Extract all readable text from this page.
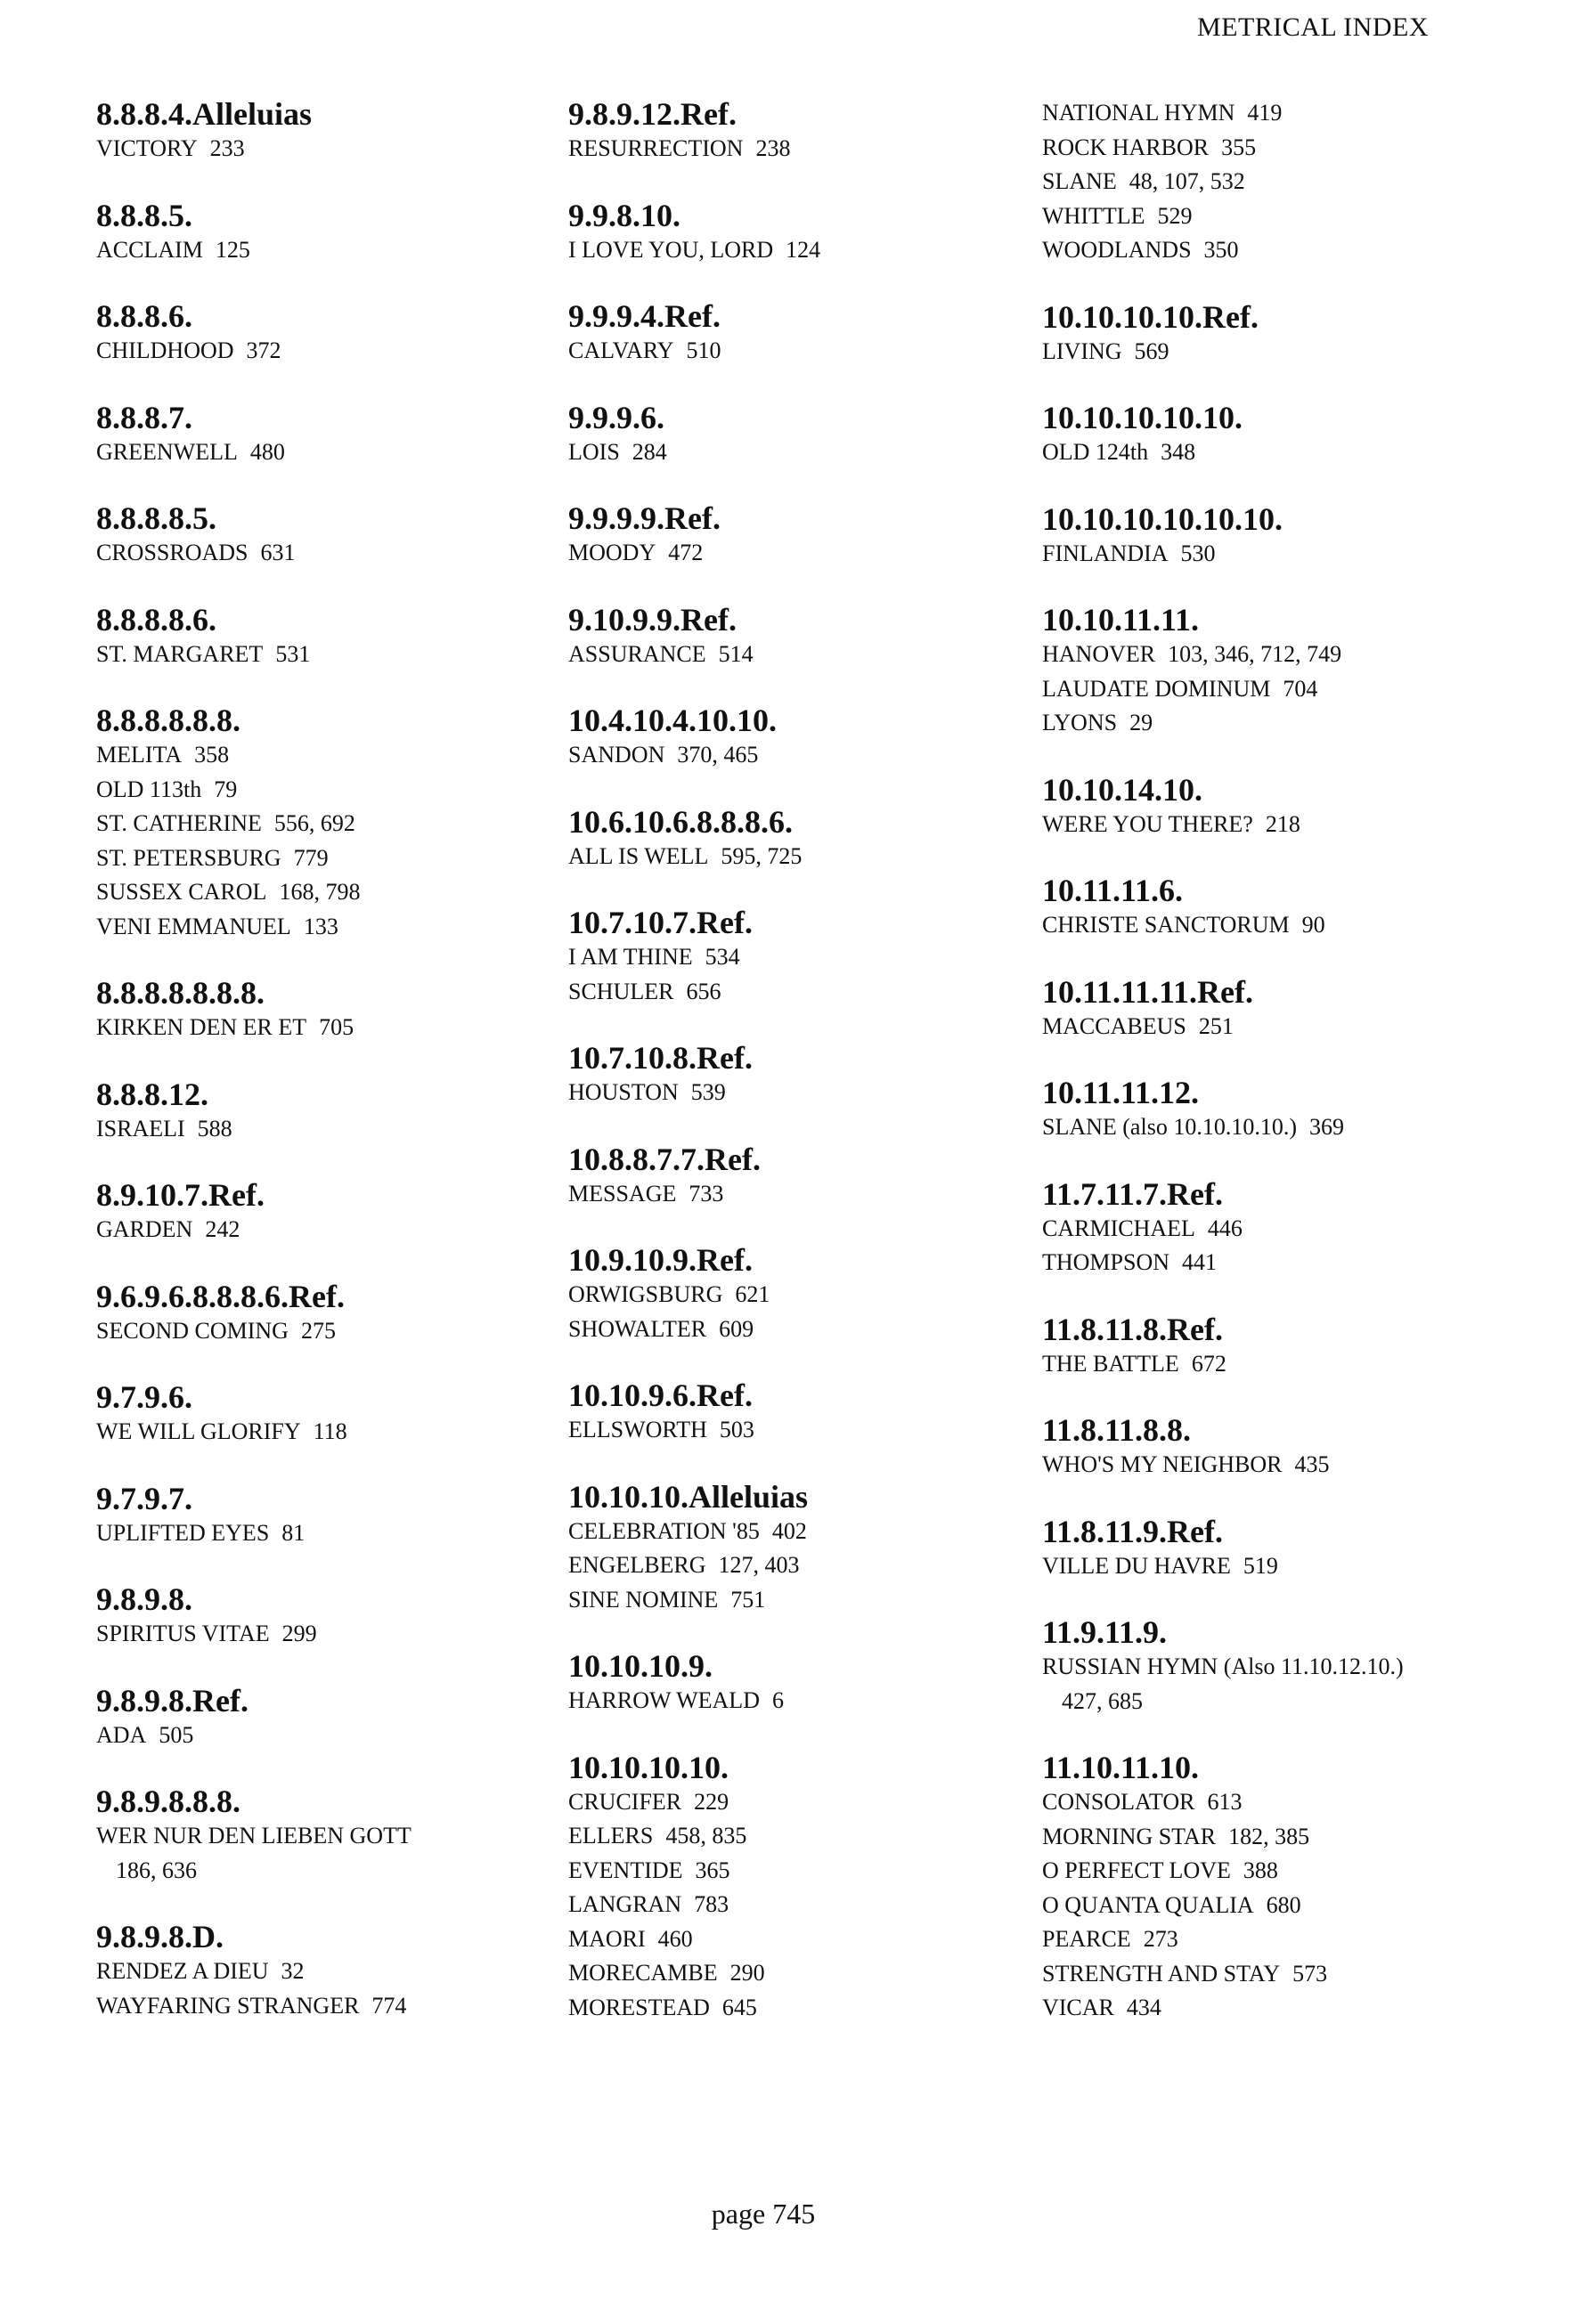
METRICAL INDEX
8.8.8.4.Alleluias
VICTORY 233
8.8.8.5.
ACCLAIM 125
8.8.8.6.
CHILDHOOD 372
8.8.8.7.
GREENWELL 480
8.8.8.8.5.
CROSSROADS 631
8.8.8.8.6.
ST. MARGARET 531
8.8.8.8.8.8.
MELITA 358
OLD 113th 79
ST. CATHERINE 556, 692
ST. PETERSBURG 779
SUSSEX CAROL 168, 798
VENI EMMANUEL 133
8.8.8.8.8.8.8.
KIRKEN DEN ER ET 705
8.8.8.12.
ISRAELI 588
8.9.10.7.Ref.
GARDEN 242
9.6.9.6.8.8.8.6.Ref.
SECOND COMING 275
9.7.9.6.
WE WILL GLORIFY 118
9.7.9.7.
UPLIFTED EYES 81
9.8.9.8.
SPIRITUS VITAE 299
9.8.9.8.Ref.
ADA 505
9.8.9.8.8.8.
WER NUR DEN LIEBEN GOTT
186, 636
9.8.9.8.D.
RENDEZ A DIEU 32
WAYFARING STRANGER 774
9.8.9.12.Ref.
RESURRECTION 238
9.9.8.10.
I LOVE YOU, LORD 124
9.9.9.4.Ref.
CALVARY 510
9.9.9.6.
LOIS 284
9.9.9.9.Ref.
MOODY 472
9.10.9.9.Ref.
ASSURANCE 514
10.4.10.4.10.10.
SANDON 370, 465
10.6.10.6.8.8.8.6.
ALL IS WELL 595, 725
10.7.10.7.Ref.
I AM THINE 534
SCHULER 656
10.7.10.8.Ref.
HOUSTON 539
10.8.8.7.7.Ref.
MESSAGE 733
10.9.10.9.Ref.
ORWIGSBURG 621
SHOWALTER 609
10.10.9.6.Ref.
ELLSWORTH 503
10.10.10.Alleluias
CELEBRATION '85 402
ENGELBERG 127, 403
SINE NOMINE 751
10.10.10.9.
HARROW WEALD 6
10.10.10.10.
CRUCIFER 229
ELLERS 458, 835
EVENTIDE 365
LANGRAN 783
MAORI 460
MORECAMBE 290
MORESTEAD 645
NATIONAL HYMN 419
ROCK HARBOR 355
SLANE 48, 107, 532
WHITTLE 529
WOODLANDS 350
10.10.10.10.Ref.
LIVING 569
10.10.10.10.10.
OLD 124th 348
10.10.10.10.10.10.
FINLANDIA 530
10.10.11.11.
HANOVER 103, 346, 712, 749
LAUDATE DOMINUM 704
LYONS 29
10.10.14.10.
WERE YOU THERE? 218
10.11.11.6.
CHRISTE SANCTORUM 90
10.11.11.11.Ref.
MACCABEUS 251
10.11.11.12.
SLANE (also 10.10.10.10.) 369
11.7.11.7.Ref.
CARMICHAEL 446
THOMPSON 441
11.8.11.8.Ref.
THE BATTLE 672
11.8.11.8.8.
WHO'S MY NEIGHBOR 435
11.8.11.9.Ref.
VILLE DU HAVRE 519
11.9.11.9.
RUSSIAN HYMN (Also 11.10.12.10.)
427, 685
11.10.11.10.
CONSOLATOR 613
MORNING STAR 182, 385
O PERFECT LOVE 388
O QUANTA QUALIA 680
PEARCE 273
STRENGTH AND STAY 573
VICAR 434

page 745
